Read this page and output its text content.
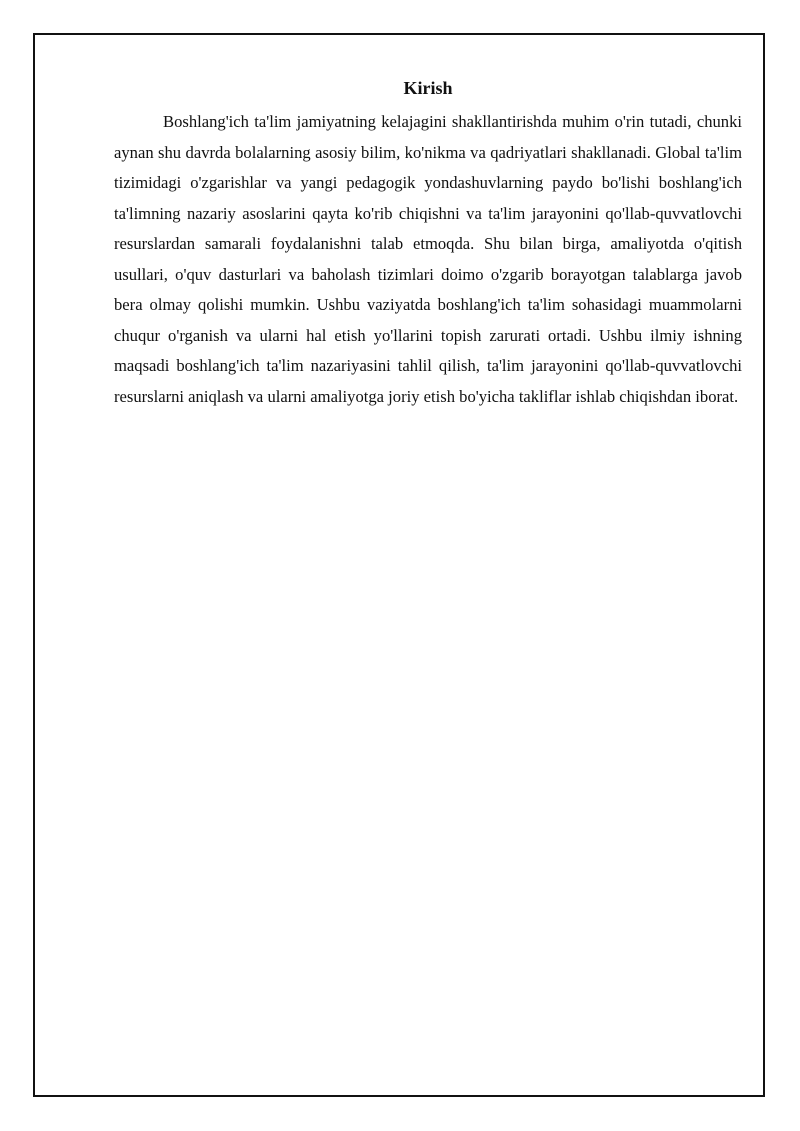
Kirish

Boshlang'ich ta'lim jamiyatning kelajagini shakllantirishda muhim o'rin tutadi, chunki aynan shu davrda bolalarning asosiy bilim, ko'nikma va qadriyatlari shakllanadi. Global ta'lim tizimidagi o'zgarishlar va yangi pedagogik yondashuvlarning paydo bo'lishi boshlang'ich ta'limning nazariy asoslarini qayta ko'rib chiqishni va ta'lim jarayonini qo'llab-quvvatlovchi resurslardan samarali foydalanishni talab etmoqda. Shu bilan birga, amaliyotda o'qitish usullari, o'quv dasturlari va baholash tizimlari doimo o'zgarib borayotgan talablarga javob bera olmay qolishi mumkin. Ushbu vaziyatda boshlang'ich ta'lim sohasidagi muammolarni chuqur o'rganish va ularni hal etish yo'llarini topish zarurati ortadi. Ushbu ilmiy ishning maqsadi boshlang'ich ta'lim nazariyasini tahlil qilish, ta'lim jarayonini qo'llab-quvvatlovchi resurslarni aniqlash va ularni amaliyotga joriy etish bo'yicha takliflar ishlab chiqishdan iborat.
